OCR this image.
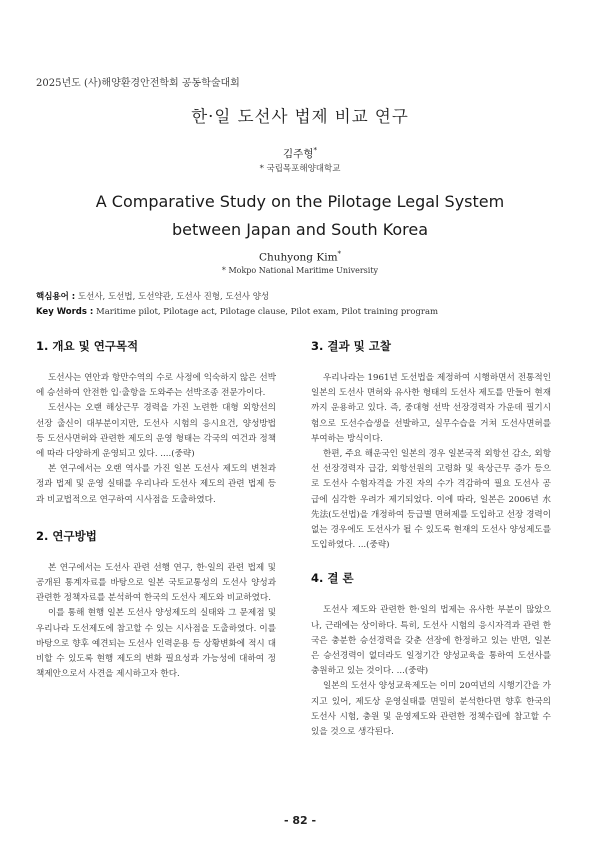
2025년도 (사)해양환경안전학회 공동학술대회
한·일 도선사 법제 비교 연구
김주형*
* 국립목포해양대학교
A Comparative Study on the Pilotage Legal System between Japan and South Korea
Chuhyong Kim*
* Mokpo National Maritime University
핵심용어 : 도선사, 도선법, 도선약관, 도선사 진형, 도선사 양성
Key Words : Maritime pilot, Pilotage act, Pilotage clause, Pilot exam, Pilot training program
1. 개요 및 연구목적

도선사는 연안과 항만수역의 수로 사정에 익숙하지 않은 선박에 승선하여 안전한 입·출항을 도와주는 선박조종 전문가이다.

도선사는 오랜 해상근무 경력을 가진 노련한 대형 외항선의 선장 출신이 대부분이지만, 도선사 시험의 응시요건, 양성방법 등 도선사면허와 관련한 제도의 운영 형태는 각국의 여건과 정책에 따라 다양하게 운영되고 있다. ....(중략)

본 연구에서는 오랜 역사를 가진 일본 도선사 제도의 변천과정과 법제 및 운영 실태를 우리나라 도선사 제도의 관련 법제 등과 비교법적으로 연구하여 시사점을 도출하였다.

2. 연구방법

본 연구에서는 도선사 관련 선행 연구, 한·일의 관련 법제 및 공개된 통계자료를 바탕으로 일본 국토교통성의 도선사 양성과 관련한 정책자료를 분석하여 한국의 도선사 제도와 비교하였다.

이를 통해 현행 일본 도선사 양성제도의 실태와 그 문제점 및 우리나라 도선제도에 참고할 수 있는 시사점을 도출하였다. 이를 바탕으로 향후 예견되는 도선사 인력운용 등 상황변화에 적시 대비할 수 있도록 현행 제도의 변화 필요성과 가능성에 대하여 정책제안으로서 사견을 제시하고자 한다.

3. 결과 및 고찰

우리나라는 1961년 도선법을 제정하여 시행하면서 전통적인 일본의 도선사 면허와 유사한 형태의 도선사 제도를 만들어 현재까지 운용하고 있다. 즉, 중대형 선박 선장경력자 가운데 필기시험으로 도선수습생을 선발하고, 실무수습을 거쳐 도선사면허를 부여하는 방식이다.

한편, 주요 해운국인 일본의 경우 일본국적 외항선 감소, 외항선 선장경력자 급감, 외항선원의 고령화 및 육상근무 증가 등으로 도선사 수험자격을 가진 자의 수가 격감하여 필요 도선사 공급에 심각한 우려가 제기되었다. 이에 따라, 일본은 2006년 水先法(도선법)을 개정하여 등급별 면허제를 도입하고 선장 경력이 없는 경우에도 도선사가 될 수 있도록 현재의 도선사 양성제도를 도입하였다. ...(중략)

4. 결 론

도선사 제도와 관련한 한·일의 법제는 유사한 부분이 많았으나, 근래에는 상이하다. 특히, 도선사 시험의 응시자격과 관련 한국은 충분한 승선경력을 갖춘 선장에 한정하고 있는 반면, 일본은 승선경력이 없더라도 일정기간 양성교육을 통하여 도선사를 충원하고 있는 것이다. ...(중략)

일본의 도선사 양성교육제도는 이미 20여년의 시행기간을 가지고 있어, 제도상 운영실태를 면밀히 분석한다면 향후 한국의 도선사 시험, 충원 및 운영제도와 관련한 정책수립에 참고할 수 있을 것으로 생각된다.

- 82 -
